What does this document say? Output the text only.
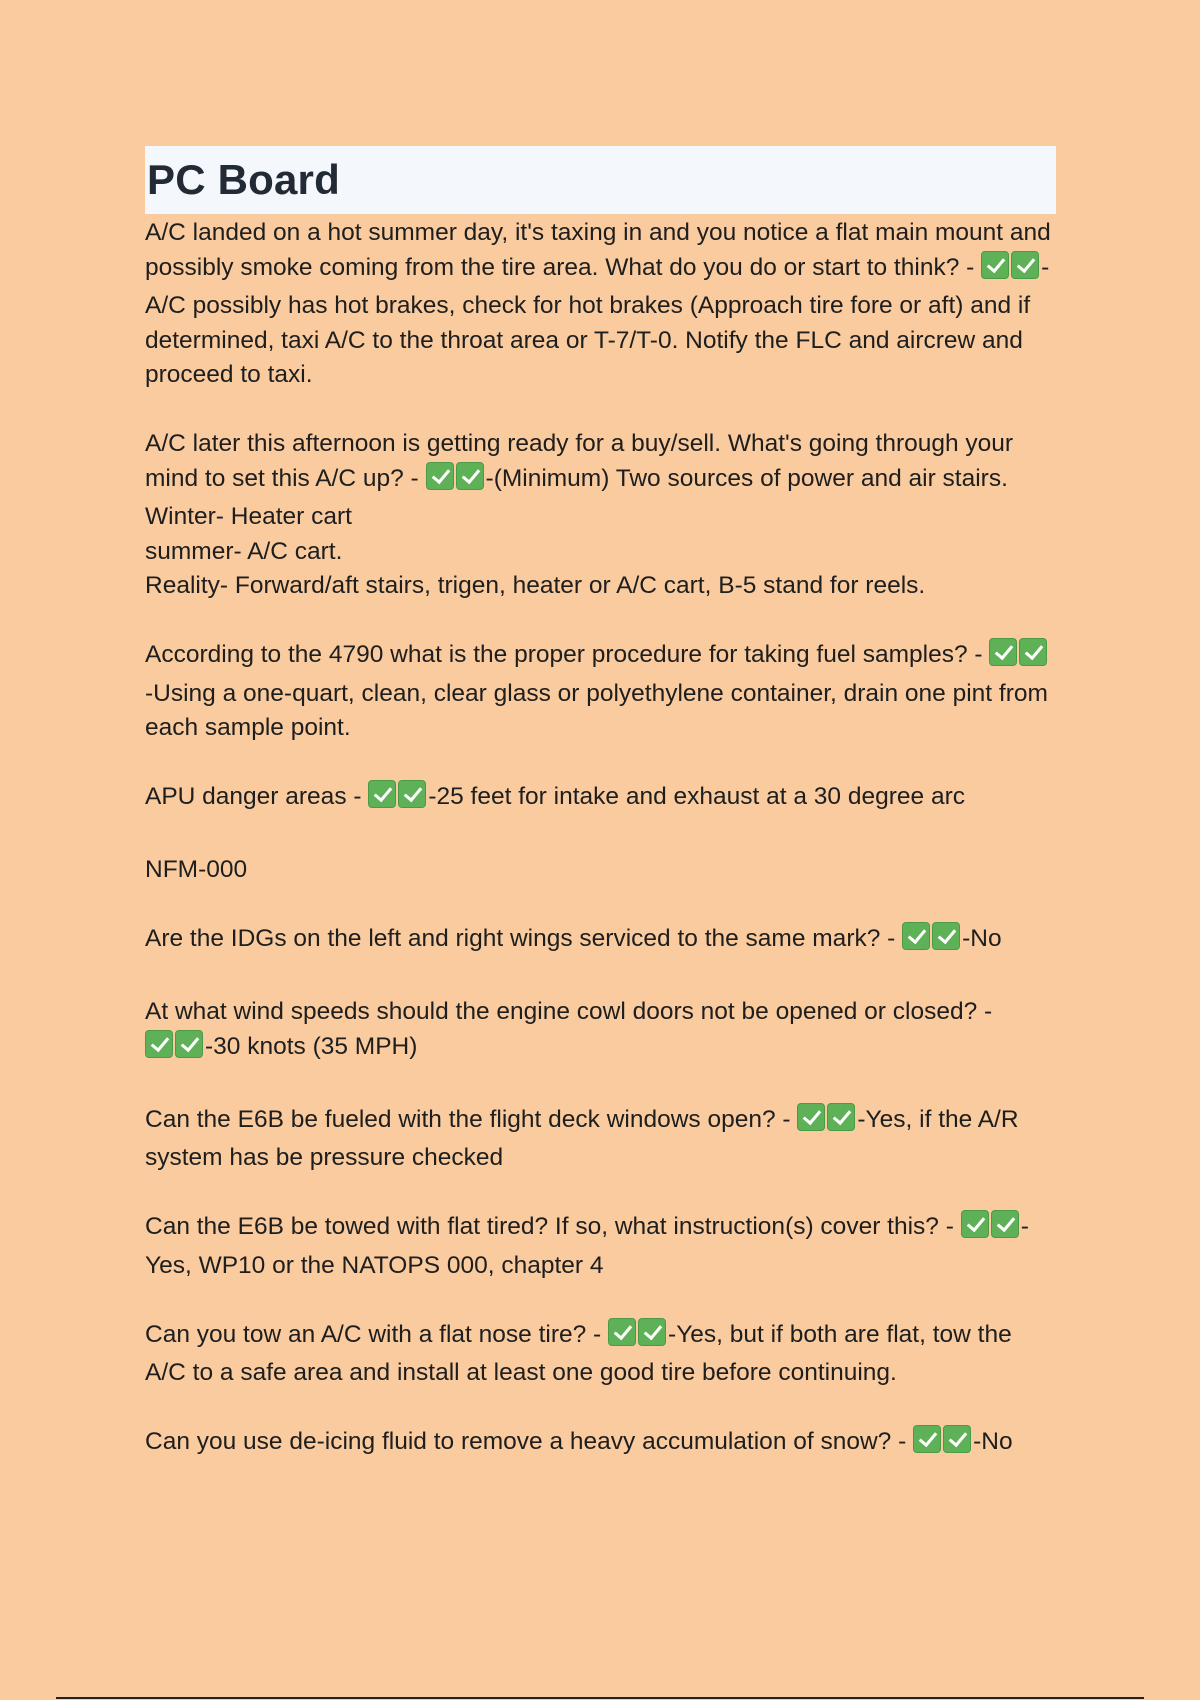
PC Board

A/C landed on a hot summer day, it's taxing in and you notice a flat main mount and possibly smoke coming from the tire area. What do you do or start to think? -	-A/C possibly has hot brakes, check for hot brakes (Approach tire fore or aft) and if determined, taxi A/C to the throat area or T-7/T-0. Notify the FLC and aircrew and proceed to taxi.

A/C later this afternoon is getting ready for a buy/sell. What's going through your mind to set this A/C up? -	-(Minimum) Two sources of power and air stairs.
Winter- Heater cart
summer- A/C cart.
Reality- Forward/aft stairs, trigen, heater or A/C cart, B-5 stand for reels.

According to the 4790 what is the proper procedure for taking fuel samples? - -Using a one-quart, clean, clear glass or polyethylene container, drain one pint from each sample point.

APU danger areas -	-25 feet for intake and exhaust at a 30 degree arc

NFM-000

Are the IDGs on the left and right wings serviced to the same mark? -	-No

At what wind speeds should the engine cowl doors not be opened or closed? - -30 knots (35 MPH)

Can the E6B be fueled with the flight deck windows open? -	-Yes, if the A/R system has be pressure checked

Can the E6B be towed with flat tired? If so, what instruction(s) cover this? -	-Yes, WP10 or the NATOPS 000, chapter 4

Can you tow an A/C with a flat nose tire? -	-Yes, but if both are flat, tow the A/C to a safe area and install at least one good tire before continuing.

Can you use de-icing fluid to remove a heavy accumulation of snow? -	-No
